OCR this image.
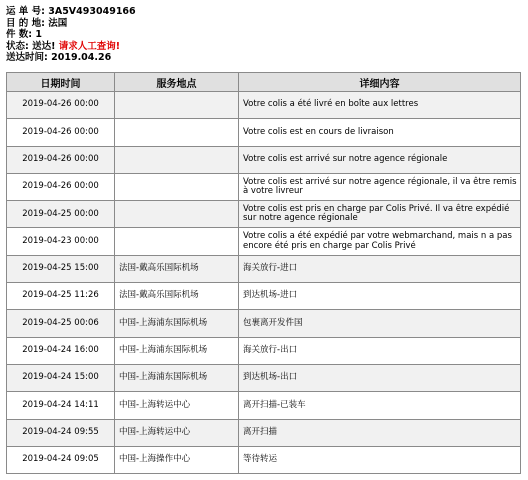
运 单 号: 3A5V493049166
目 的 地: 法国
件 数: 1
状态: 送达! 请求人工查询!
送达时间: 2019.04.26
日期时间	服务地点	详细内容
2019-04-26 00:00		Votre colis a été livré en boîte aux lettres
2019-04-26 00:00		Votre colis est en cours de livraison
2019-04-26 00:00		Votre colis est arrivé sur notre agence régionale
2019-04-26 00:00		Votre colis est arrivé sur notre agence régionale, il va être remis à votre livreur
2019-04-25 00:00		Votre colis est pris en charge par Colis Privé. Il va être expédié sur notre agence régionale
2019-04-23 00:00		Votre colis a été expédié par votre webmarchand, mais n a pas encore été pris en charge par Colis Privé
2019-04-25 15:00	法国-戴高乐国际机场	海关放行-进口
2019-04-25 11:26	法国-戴高乐国际机场	到达机场-进口
2019-04-25 00:06	中国-上海浦东国际机场	包裹离开发件国
2019-04-24 16:00	中国-上海浦东国际机场	海关放行-出口
2019-04-24 15:00	中国-上海浦东国际机场	到达机场-出口
2019-04-24 14:11	中国-上海转运中心	离开扫描-已装车
2019-04-24 09:55	中国-上海转运中心	离开扫描
2019-04-24 09:05	中国-上海操作中心	等待转运
